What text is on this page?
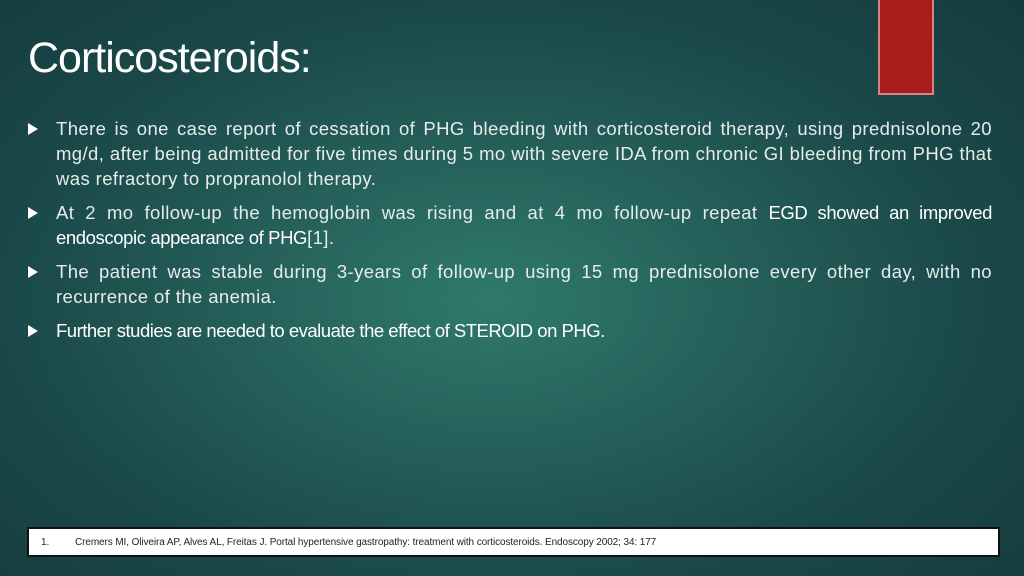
Corticosteroids:
There is one case report of cessation of PHG bleeding with corticosteroid therapy, using prednisolone 20 mg/d, after being admitted for five times during 5 mo with severe IDA from chronic GI bleeding from PHG that was refractory to propranolol therapy.
At 2 mo follow-up the hemoglobin was rising and at 4 mo follow-up repeat EGD showed an improved endoscopic appearance of PHG[1].
The patient was stable during 3-years of follow-up using 15 mg prednisolone every other day, with no recurrence of the anemia.
Further studies are needed to evaluate the effect of STEROID on PHG.
1.	Cremers MI, Oliveira AP, Alves AL, Freitas J. Portal hypertensive gastropathy: treatment with corticosteroids. Endoscopy 2002; 34: 177
